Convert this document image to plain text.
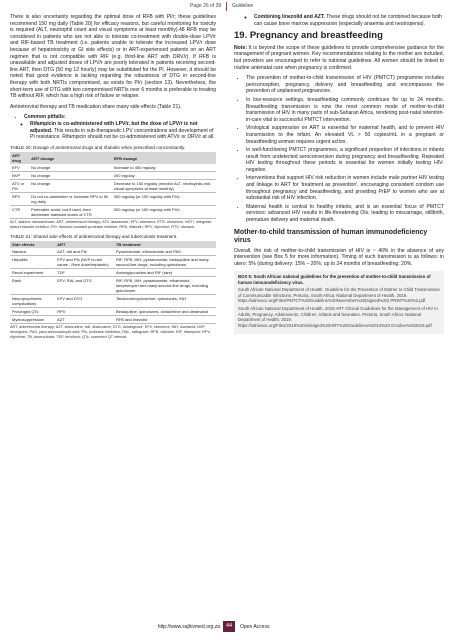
Page 26 of 39 Guideline

There is also uncertainty regarding the optimal dose of RFB with PI/r; these guidelines recommend 150 mg daily (Table 20) for efficacy reasons, but careful monitoring for toxicity is required (ALT, neutrophil count and visual symptoms at least monthly).48 RFB may be considered in patients who are not able to tolerate co-treatment with double-dose LPV/r and RIF-based TB treatment (i.e. patients unable to tolerate the increased LPV/r dose because of hepatotoxicity or GI side effects) or in ART-experienced patients on an ART regimen that is not compatible with RIF (e.g. third-line ART with DRV/r). If RFB is unavailable and adjusted doses of LPV/r are poorly tolerated in patients receiving second-line ART, then DTG (50 mg 12 hourly) may be substituted for the PI. However, it should be noted that good evidence is lacking regarding the robustness of DTG in second-line therapy with both NRTIs compromised, as exists for PI/r (section 13). Nevertheless, the short-term use of DTG with two compromised NRTIs over 6 months is preferable to treating TB without RIF, which has a high risk of failure or relapse.

Antiretroviral therapy and TB medication share many side effects (Table 21).

• Common pitfalls:
◦ Rifampicin is co-administered with LPV/r, but the dose of LPV/r is not adjusted. This results in sub-therapeutic LPV concentrations and development of PI resistance. Rifampicin should not be co-administered with ATV/r or DRV/r at all.
TABLE 20: Dosage of antiretroviral drugs and rifabutin when prescribed concomitantly.
ART drug	ART dosage	RFB dosage
EFV	No change	Increase to 450 mg/day
NVP	No change	300 mg/day
ATV or PI/r	No change	Decrease to 150 mg/day (monitor ALT, neutrophils and visual symptoms at least monthly)
RPV	Do not co-administer or increase RPV to 50 mg daily	300 mg/day (or 150 mg/day with PI/r)
CTR	Preferable avoid, but if used, then administer standard doses of CTR	300 mg/day (or 150 mg/day with PI/r)
ALT, alanine transaminase; ART, antiretroviral therapy; ATV, atazanavir; EFV, efavirenz; ETR, etravirine; InSTI, integrase strand transfer inhibitor; PI/r, ritonavir-boosted protease inhibitor; RFB, rifabutin; RPV, rilpivirine; RTV, ritonavir.
TABLE 21: Shared side effects of antiretroviral therapy and tuberculosis treatment.
Side effects	ART	TB treatment
Nausea	AZT, ddI and PIs	Pyrazinamide, ethionamide and PAS
Hepatitis	EFV and PIs (NVP is rare cause - Rare dose/hepatotic)	RIF, RFB, INH, pyrazinamide, bedaquiline and many second-line drugs, including quinolones
Renal impairment	TDF	Aminoglycosides and RIF (rare)
Rash	EFV, RAL and DTG	RIF, RFB, INH, pyrazinamide, ethambutol, streptomycin and many second-line drugs, including quinolones
Neuropsychiatric complications	EFV and DTG	Terizidone/cycloserine, quinolones, INH
Prolonged QTc	RPV	Bedaquiline, quinolones, clofazimine and delamanid
Myelosuppression	AZT	RFB and linezolid
ART, antiretroviral therapy; AZT, zidovudine; ddI, didanosine; DTG, dolutegravir; EFV, efavirenz; INH, isoniazid; NVP, nevirapine; PAS, para-aminosalicylic acid; PIs, protease inhibitors; RAL, raltegravir; RFB, rifabutin; RIF, rifampicin; RPV, rilpivirine; TB, tuberculosis; TDF, tenofovir; QTc, corrected QT interval.
◦ Combining linezolid and AZT. These drugs should not be combined because both can cause bone marrow suppression (especially anaemia and neutropenia).
19. Pregnancy and breastfeeding

Note: It is beyond the scope of these guidelines to provide comprehensive guidance for the management of pregnant women. Key recommendations relating to the mother are included, but providers are encouraged to refer to national guidelines. All women should be linked to routine antenatal care when pregnancy is confirmed.

• The prevention of mother-to-child transmission of HIV (PMTCT) programme includes periconception, pregnancy, delivery and breastfeeding and encompasses the prevention of unplanned pregnancies.
• In low-resource settings, breastfeeding commonly continues for up to 24 months. Breastfeeding transmission is now the most common mode of mother-to-child transmission of HIV in many parts of sub-Saharan Africa, rendering post-natal retention-in-care vital to successful PMTCT intervention.
• Virological suppression on ART is essential for maternal health, and to prevent HIV transmission to the infant. An elevated VL > 50 copies/mL in a pregnant or breastfeeding woman requires urgent action.
• In well-functioning PMTCT programmes, a significant proportion of infections in infants result from undetected seroconversion during pregnancy and breastfeeding. Repeated HIV testing throughout these periods is essential for women initially testing HIV-negative.
• Interventions that support HIV risk reduction in women include male partner HIV testing and linkage to ART for 'treatment as prevention', encouraging consistent condom use throughout pregnancy and breastfeeding, and providing PrEP to women who are at substantial risk of HIV infection.
• Maternal health is central to healthy infants, and is an essential focus of PMTCT services: advanced HIV results in life-threatening OIs, leading to miscarriage, stillbirth, premature delivery and maternal death.
Mother-to-child transmission of human immunodeficiency virus

Overall, the risk of mother-to-child transmission of HIV is ~ 40% in the absence of any intervention (see Box 5 for more information). Timing of such transmission is as follows: in utero: 5% (during delivery: 15% – 20%; up to 24 months of breastfeeding: 20%.

BOX 5: South African national guidelines for the prevention of mother-to-child transmission of human immunodeficiency virus.
South African National Department of Health. Guideline for the Prevention of Mother to Child Transmission of Communicable Infections. Pretoria, South Africa: National Department of Health, 2019. https://sahivsoc.org/Files/PMTCT%20Guideline%20November%20(signed%20) PRINT%20%2.pdf
South African National Department of Health. 2019 ART Clinical Guidelines for the Management of HIV in Adults, Pregnancy, Adolescents, Children, Infants and Neonates. Pretoria, South Africa: National Department of Health, 2019. https://sahivsoc.org/Files/2019%20Abridged%20ART%20Guidelines%2010%20 October%202019.pdf
http://www.sajhivmed.org.za	44	Open Access
